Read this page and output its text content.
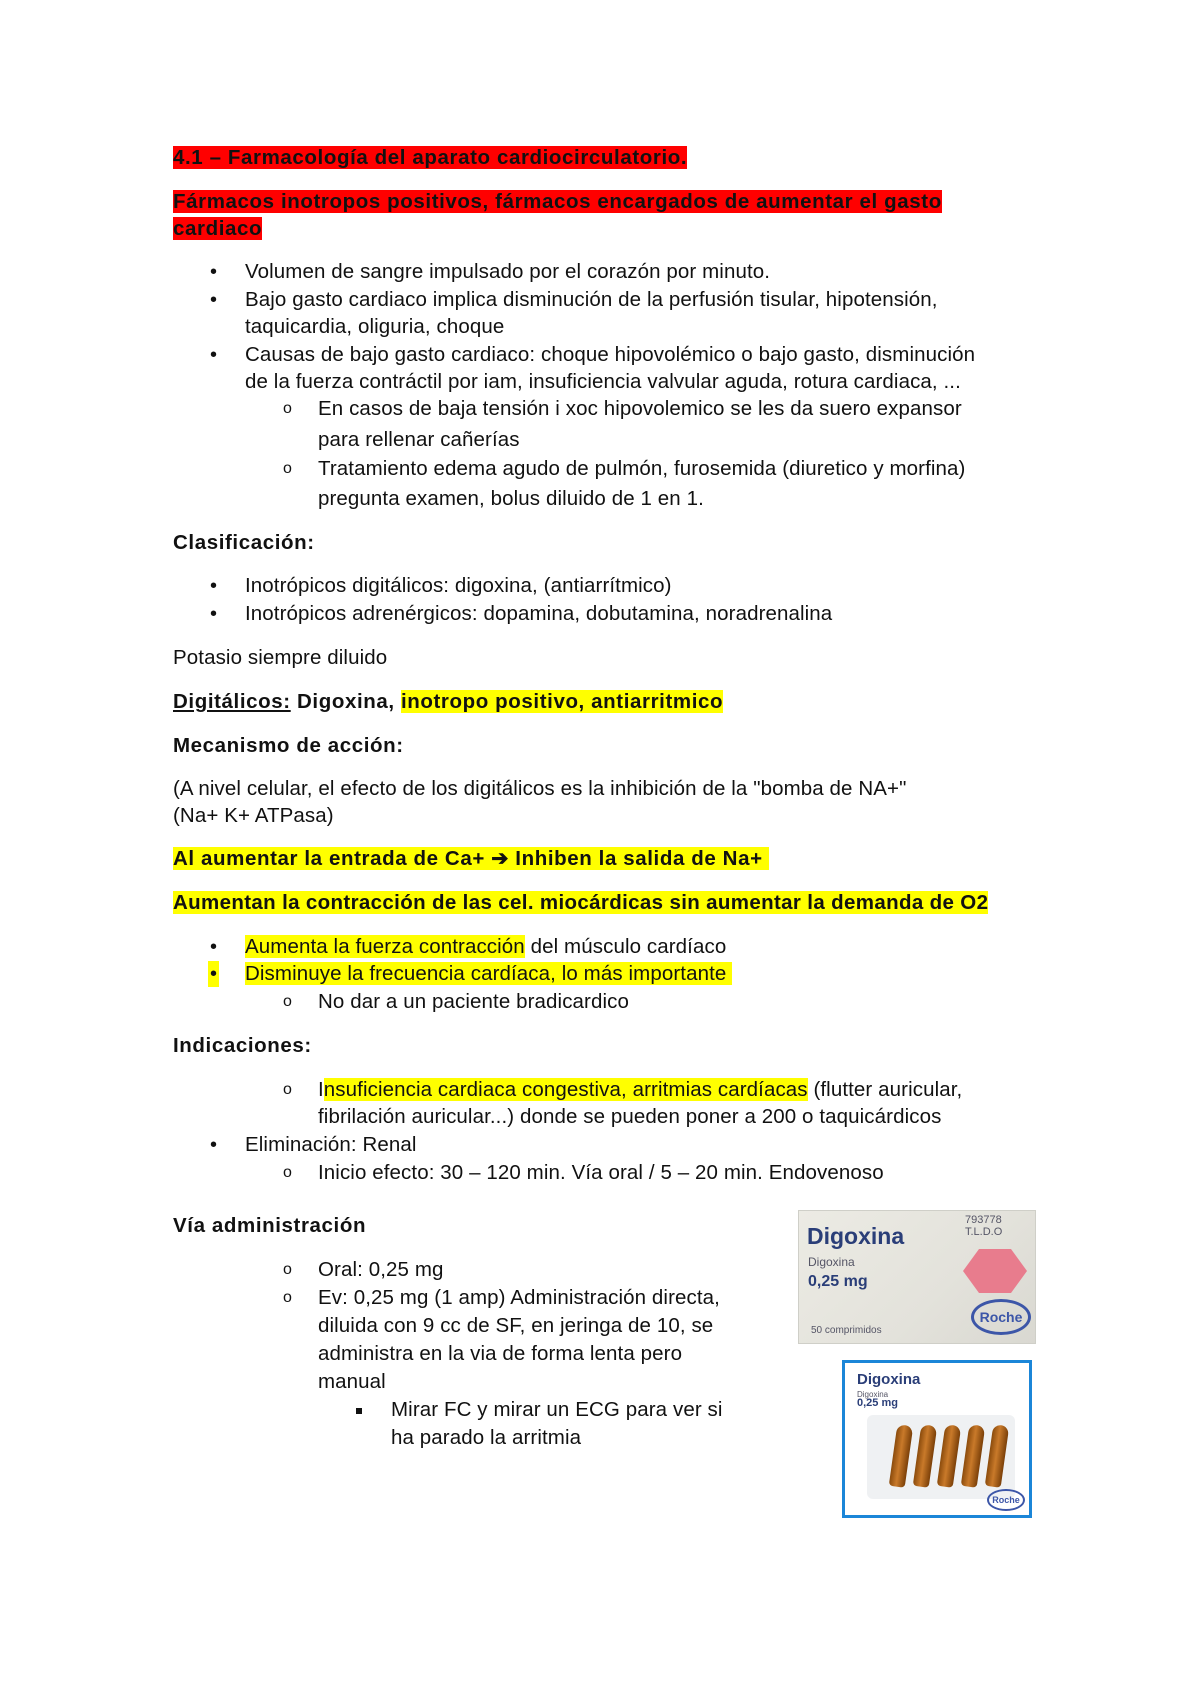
4.1 – Farmacología del aparato cardiocirculatorio.
Fármacos inotropos positivos, fármacos encargados de aumentar el gasto
cardiaco
• Volumen de sangre impulsado por el corazón por minuto.
• Bajo gasto cardiaco implica disminución de la perfusión tisular, hipotensión,
taquicardia, oliguria, choque
• Causas de bajo gasto cardiaco: choque hipovolémico o bajo gasto, disminución
de la fuerza contráctil por iam, insuficiencia valvular aguda, rotura cardiaca, ...
o En casos de baja tensión i xoc hipovolemico se les da suero expansor
para rellenar cañerías
o Tratamiento edema agudo de pulmón, furosemida (diuretico y morfina)
pregunta examen, bolus diluido de 1 en 1.
Clasificación:
• Inotrópicos digitálicos: digoxina, (antiarrítmico)
• Inotrópicos adrenérgicos: dopamina, dobutamina, noradrenalina
Potasio siempre diluido
Digitálicos: Digoxina, inotropo positivo, antiarritmico
Mecanismo de acción:
(A nivel celular, el efecto de los digitálicos es la inhibición de la "bomba de NA+"
(Na+ K+ ATPasa)
Al aumentar la entrada de Ca+ ➔ Inhiben la salida de Na+
Aumentan la contracción de las cel. miocárdicas sin aumentar la demanda de O2
• Aumenta la fuerza contracción del músculo cardíaco
• Disminuye la frecuencia cardíaca, lo más importante
o No dar a un paciente bradicardico
Indicaciones:
o Insuficiencia cardiaca congestiva, arritmias cardíacas (flutter auricular,
fibrilación auricular...) donde se pueden poner a 200 o taquicárdicos
• Eliminación: Renal
o Inicio efecto: 30 – 120 min. Vía oral / 5 – 20 min. Endovenoso
Vía administración
o Oral: 0,25 mg
o Ev: 0,25 mg (1 amp) Administración directa,
diluida con 9 cc de SF, en jeringa de 10, se
administra en la via de forma lenta pero
manual
Mirar FC y mirar un ECG para ver si
ha parado la arritmia
Digoxina
793778 T.L.D.O
Digoxina
0,25 mg
Roche
50 comprimidos
Digoxina
Digoxina
0,25 mg
Roche
